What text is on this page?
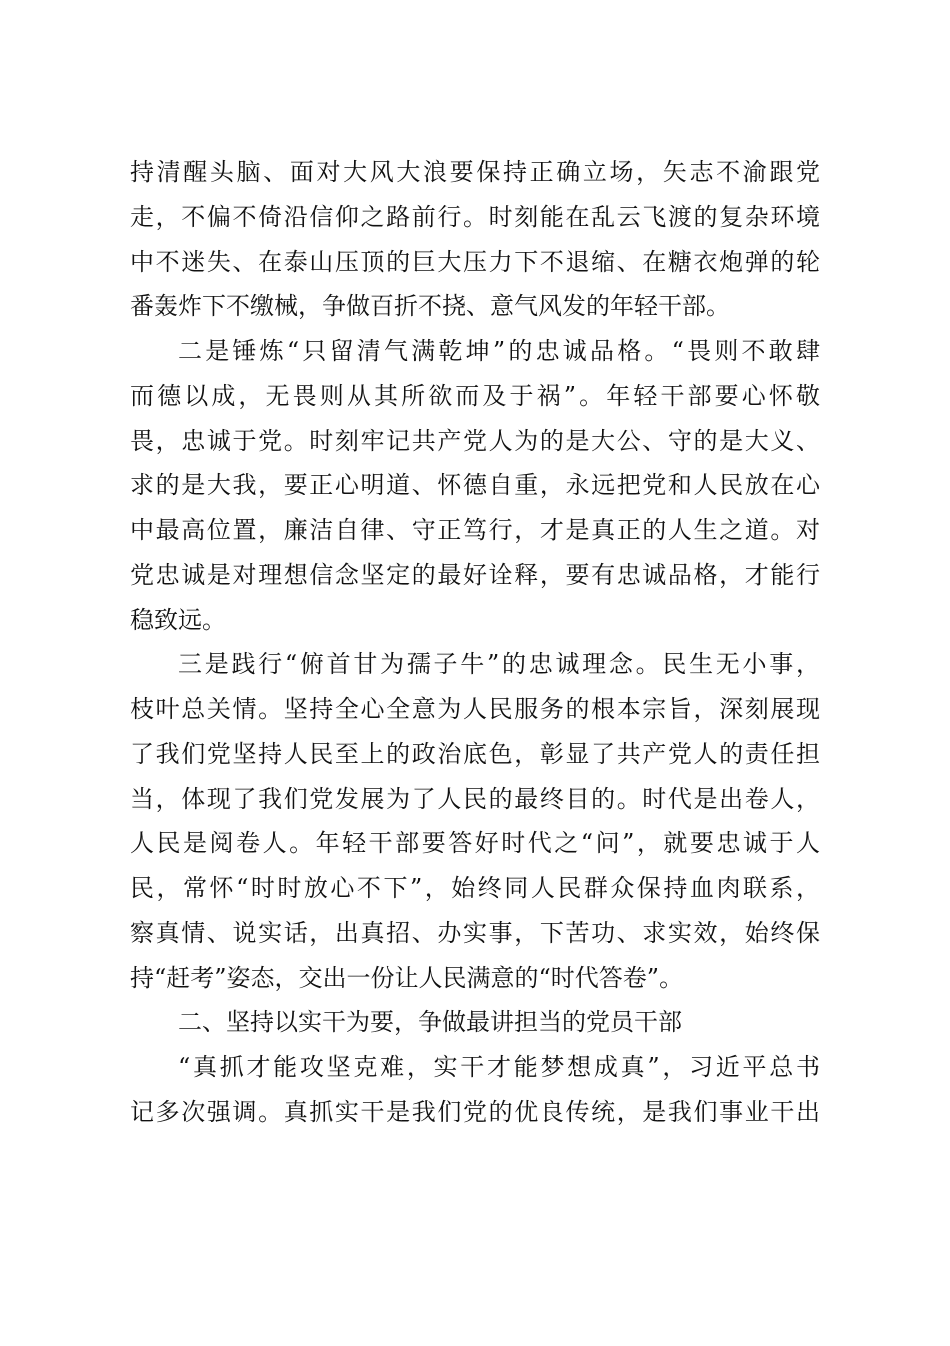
持清醒头脑、面对大风大浪要保持正确立场，矢志不渝跟党
走，不偏不倚沿信仰之路前行。时刻能在乱云飞渡的复杂环境
中不迷失、在泰山压顶的巨大压力下不退缩、在糖衣炮弹的轮
番轰炸下不缴械，争做百折不挠、意气风发的年轻干部。
二是锤炼“只留清气满乾坤”的忠诚品格。“畏则不敢肆
而德以成，无畏则从其所欲而及于祸”。年轻干部要心怀敬
畏，忠诚于党。时刻牢记共产党人为的是大公、守的是大义、
求的是大我，要正心明道、怀德自重，永远把党和人民放在心
中最高位置，廉洁自律、守正笃行，才是真正的人生之道。对
党忠诚是对理想信念坚定的最好诠释，要有忠诚品格，才能行
稳致远。
三是践行“俯首甘为孺子牛”的忠诚理念。民生无小事，
枝叶总关情。坚持全心全意为人民服务的根本宗旨，深刻展现
了我们党坚持人民至上的政治底色，彰显了共产党人的责任担
当，体现了我们党发展为了人民的最终目的。时代是出卷人，
人民是阅卷人。年轻干部要答好时代之“问”，就要忠诚于人
民，常怀“时时放心不下”，始终同人民群众保持血肉联系，
察真情、说实话，出真招、办实事，下苦功、求实效，始终保
持“赶考”姿态，交出一份让人民满意的“时代答卷”。
二、坚持以实干为要，争做最讲担当的党员干部
“真抓才能攻坚克难，实干才能梦想成真”，习近平总书
记多次强调。真抓实干是我们党的优良传统，是我们事业干出
